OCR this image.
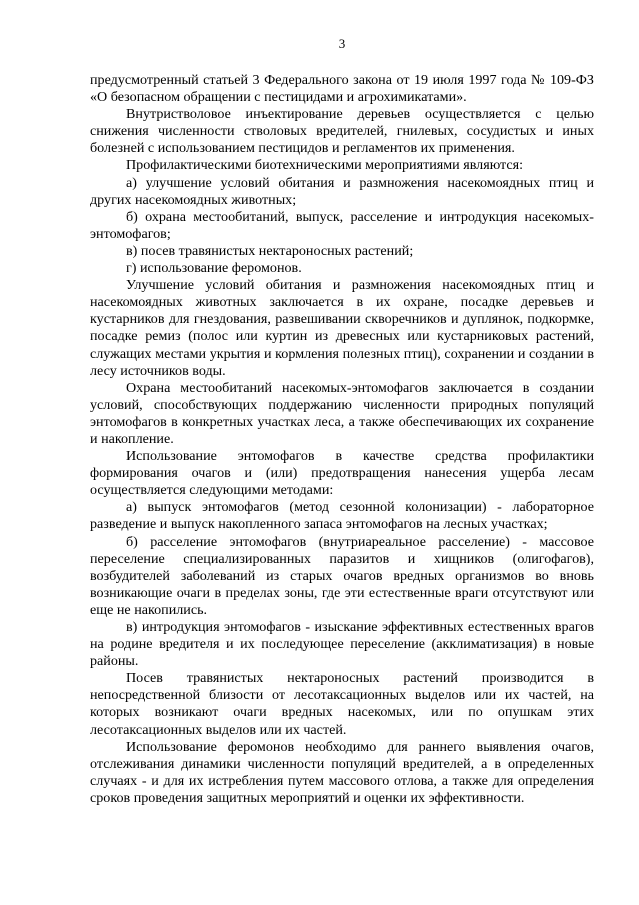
3

предусмотренный статьей 3 Федерального закона от 19 июля 1997 года № 109-ФЗ «О безопасном обращении с пестицидами и агрохимикатами».

Внутристволовое инъектирование деревьев осуществляется с целью снижения численности стволовых вредителей, гнилевых, сосудистых и иных болезней с использованием пестицидов и регламентов их применения.

Профилактическими биотехническими мероприятиями являются:

а) улучшение условий обитания и размножения насекомоядных птиц и других насекомоядных животных;

б) охрана местообитаний, выпуск, расселение и интродукция насекомых-энтомофагов;

в) посев травянистых нектароносных растений;

г) использование феромонов.

Улучшение условий обитания и размножения насекомоядных птиц и насекомоядных животных заключается в их охране, посадке деревьев и кустарников для гнездования, развешивании скворечников и дуплянок, подкормке, посадке ремиз (полос или куртин из древесных или кустарниковых растений, служащих местами укрытия и кормления полезных птиц), сохранении и создании в лесу источников воды.

Охрана местообитаний насекомых-энтомофагов заключается в создании условий, способствующих поддержанию численности природных популяций энтомофагов в конкретных участках леса, а также обеспечивающих их сохранение и накопление.

Использование энтомофагов в качестве средства профилактики формирования очагов и (или) предотвращения нанесения ущерба лесам осуществляется следующими методами:

а) выпуск энтомофагов (метод сезонной колонизации) - лабораторное разведение и выпуск накопленного запаса энтомофагов на лесных участках;

б) расселение энтомофагов (внутриареальное расселение) - массовое переселение специализированных паразитов и хищников (олигофагов), возбудителей заболеваний из старых очагов вредных организмов во вновь возникающие очаги в пределах зоны, где эти естественные враги отсутствуют или еще не накопились.

в) интродукция энтомофагов - изыскание эффективных естественных врагов на родине вредителя и их последующее переселение (акклиматизация) в новые районы.

Посев травянистых нектароносных растений производится в непосредственной близости от лесотаксационных выделов или их частей, на которых возникают очаги вредных насекомых, или по опушкам этих лесотаксационных выделов или их частей.

Использование феромонов необходимо для раннего выявления очагов, отслеживания динамики численности популяций вредителей, а в определенных случаях - и для их истребления путем массового отлова, а также для определения сроков проведения защитных мероприятий и оценки их эффективности.
